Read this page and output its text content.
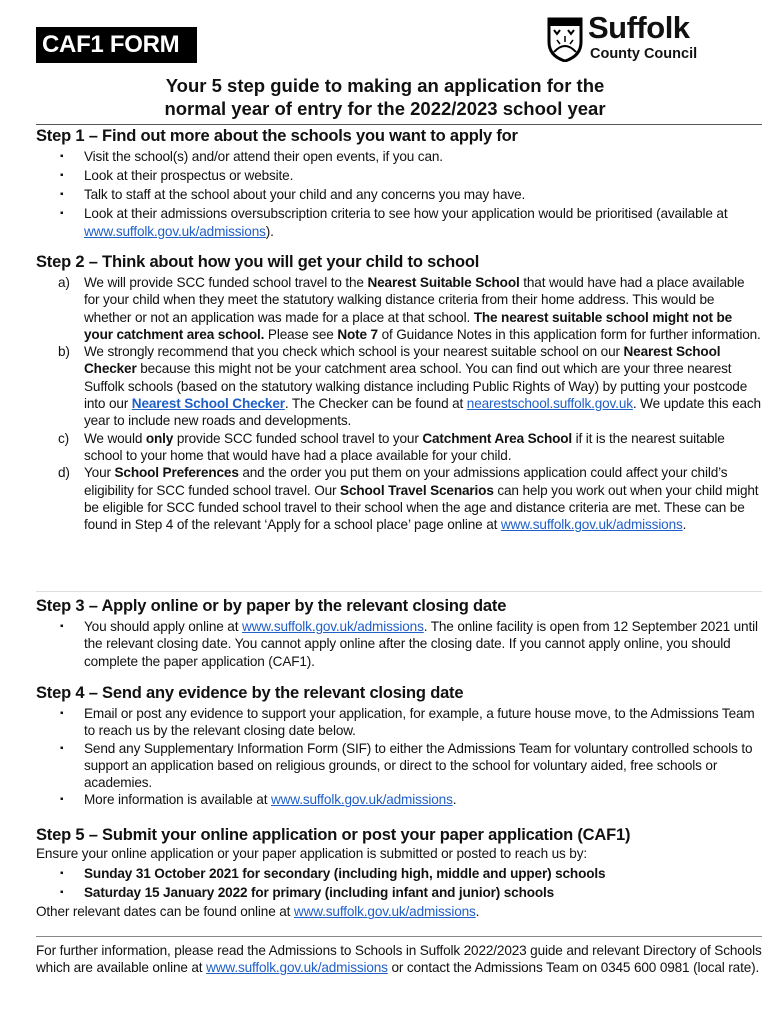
CAF1 FORM	Suffolk
County Council
Your 5 step guide to making an application for the
normal year of entry for the 2022/2023 school year
Step 1 – Find out more about the schools you want to apply for
▪ Visit the school(s) and/or attend their open events, if you can.
▪ Look at their prospectus or website.
▪ Talk to staff at the school about your child and any concerns you may have.
▪ Look at their admissions oversubscription criteria to see how your application would be prioritised (available at www.suffolk.gov.uk/admissions).
Step 2 – Think about how you will get your child to school
a) We will provide SCC funded school travel to the Nearest Suitable School that would have had a place available for your child when they meet the statutory walking distance criteria from their home address. This would be whether or not an application was made for a place at that school. The nearest suitable school might not be your catchment area school. Please see Note 7 of Guidance Notes in this application form for further information.
b) We strongly recommend that you check which school is your nearest suitable school on our Nearest School Checker because this might not be your catchment area school. You can find out which are your three nearest Suffolk schools (based on the statutory walking distance including Public Rights of Way) by putting your postcode into our Nearest School Checker. The Checker can be found at nearestschool.suffolk.gov.uk. We update this each year to include new roads and developments.
c) We would only provide SCC funded school travel to your Catchment Area School if it is the nearest suitable school to your home that would have had a place available for your child.
d) Your School Preferences and the order you put them on your admissions application could affect your child’s eligibility for SCC funded school travel. Our School Travel Scenarios can help you work out when your child might be eligible for SCC funded school travel to their school when the age and distance criteria are met. These can be found in Step 4 of the relevant ‘Apply for a school place’ page online at www.suffolk.gov.uk/admissions.
Step 3 – Apply online or by paper by the relevant closing date
▪ You should apply online at www.suffolk.gov.uk/admissions. The online facility is open from 12 September 2021 until the relevant closing date. You cannot apply online after the closing date. If you cannot apply online, you should complete the paper application (CAF1).
Step 4 – Send any evidence by the relevant closing date
▪ Email or post any evidence to support your application, for example, a future house move, to the Admissions Team to reach us by the relevant closing date below.
▪ Send any Supplementary Information Form (SIF) to either the Admissions Team for voluntary controlled schools to support an application based on religious grounds, or direct to the school for voluntary aided, free schools or academies.
▪ More information is available at www.suffolk.gov.uk/admissions.
Step 5 – Submit your online application or post your paper application (CAF1)
Ensure your online application or your paper application is submitted or posted to reach us by:
▪ Sunday 31 October 2021 for secondary (including high, middle and upper) schools
▪ Saturday 15 January 2022 for primary (including infant and junior) schools
Other relevant dates can be found online at www.suffolk.gov.uk/admissions.
For further information, please read the Admissions to Schools in Suffolk 2022/2023 guide and relevant Directory of Schools which are available online at www.suffolk.gov.uk/admissions or contact the Admissions Team on 0345 600 0981 (local rate).
